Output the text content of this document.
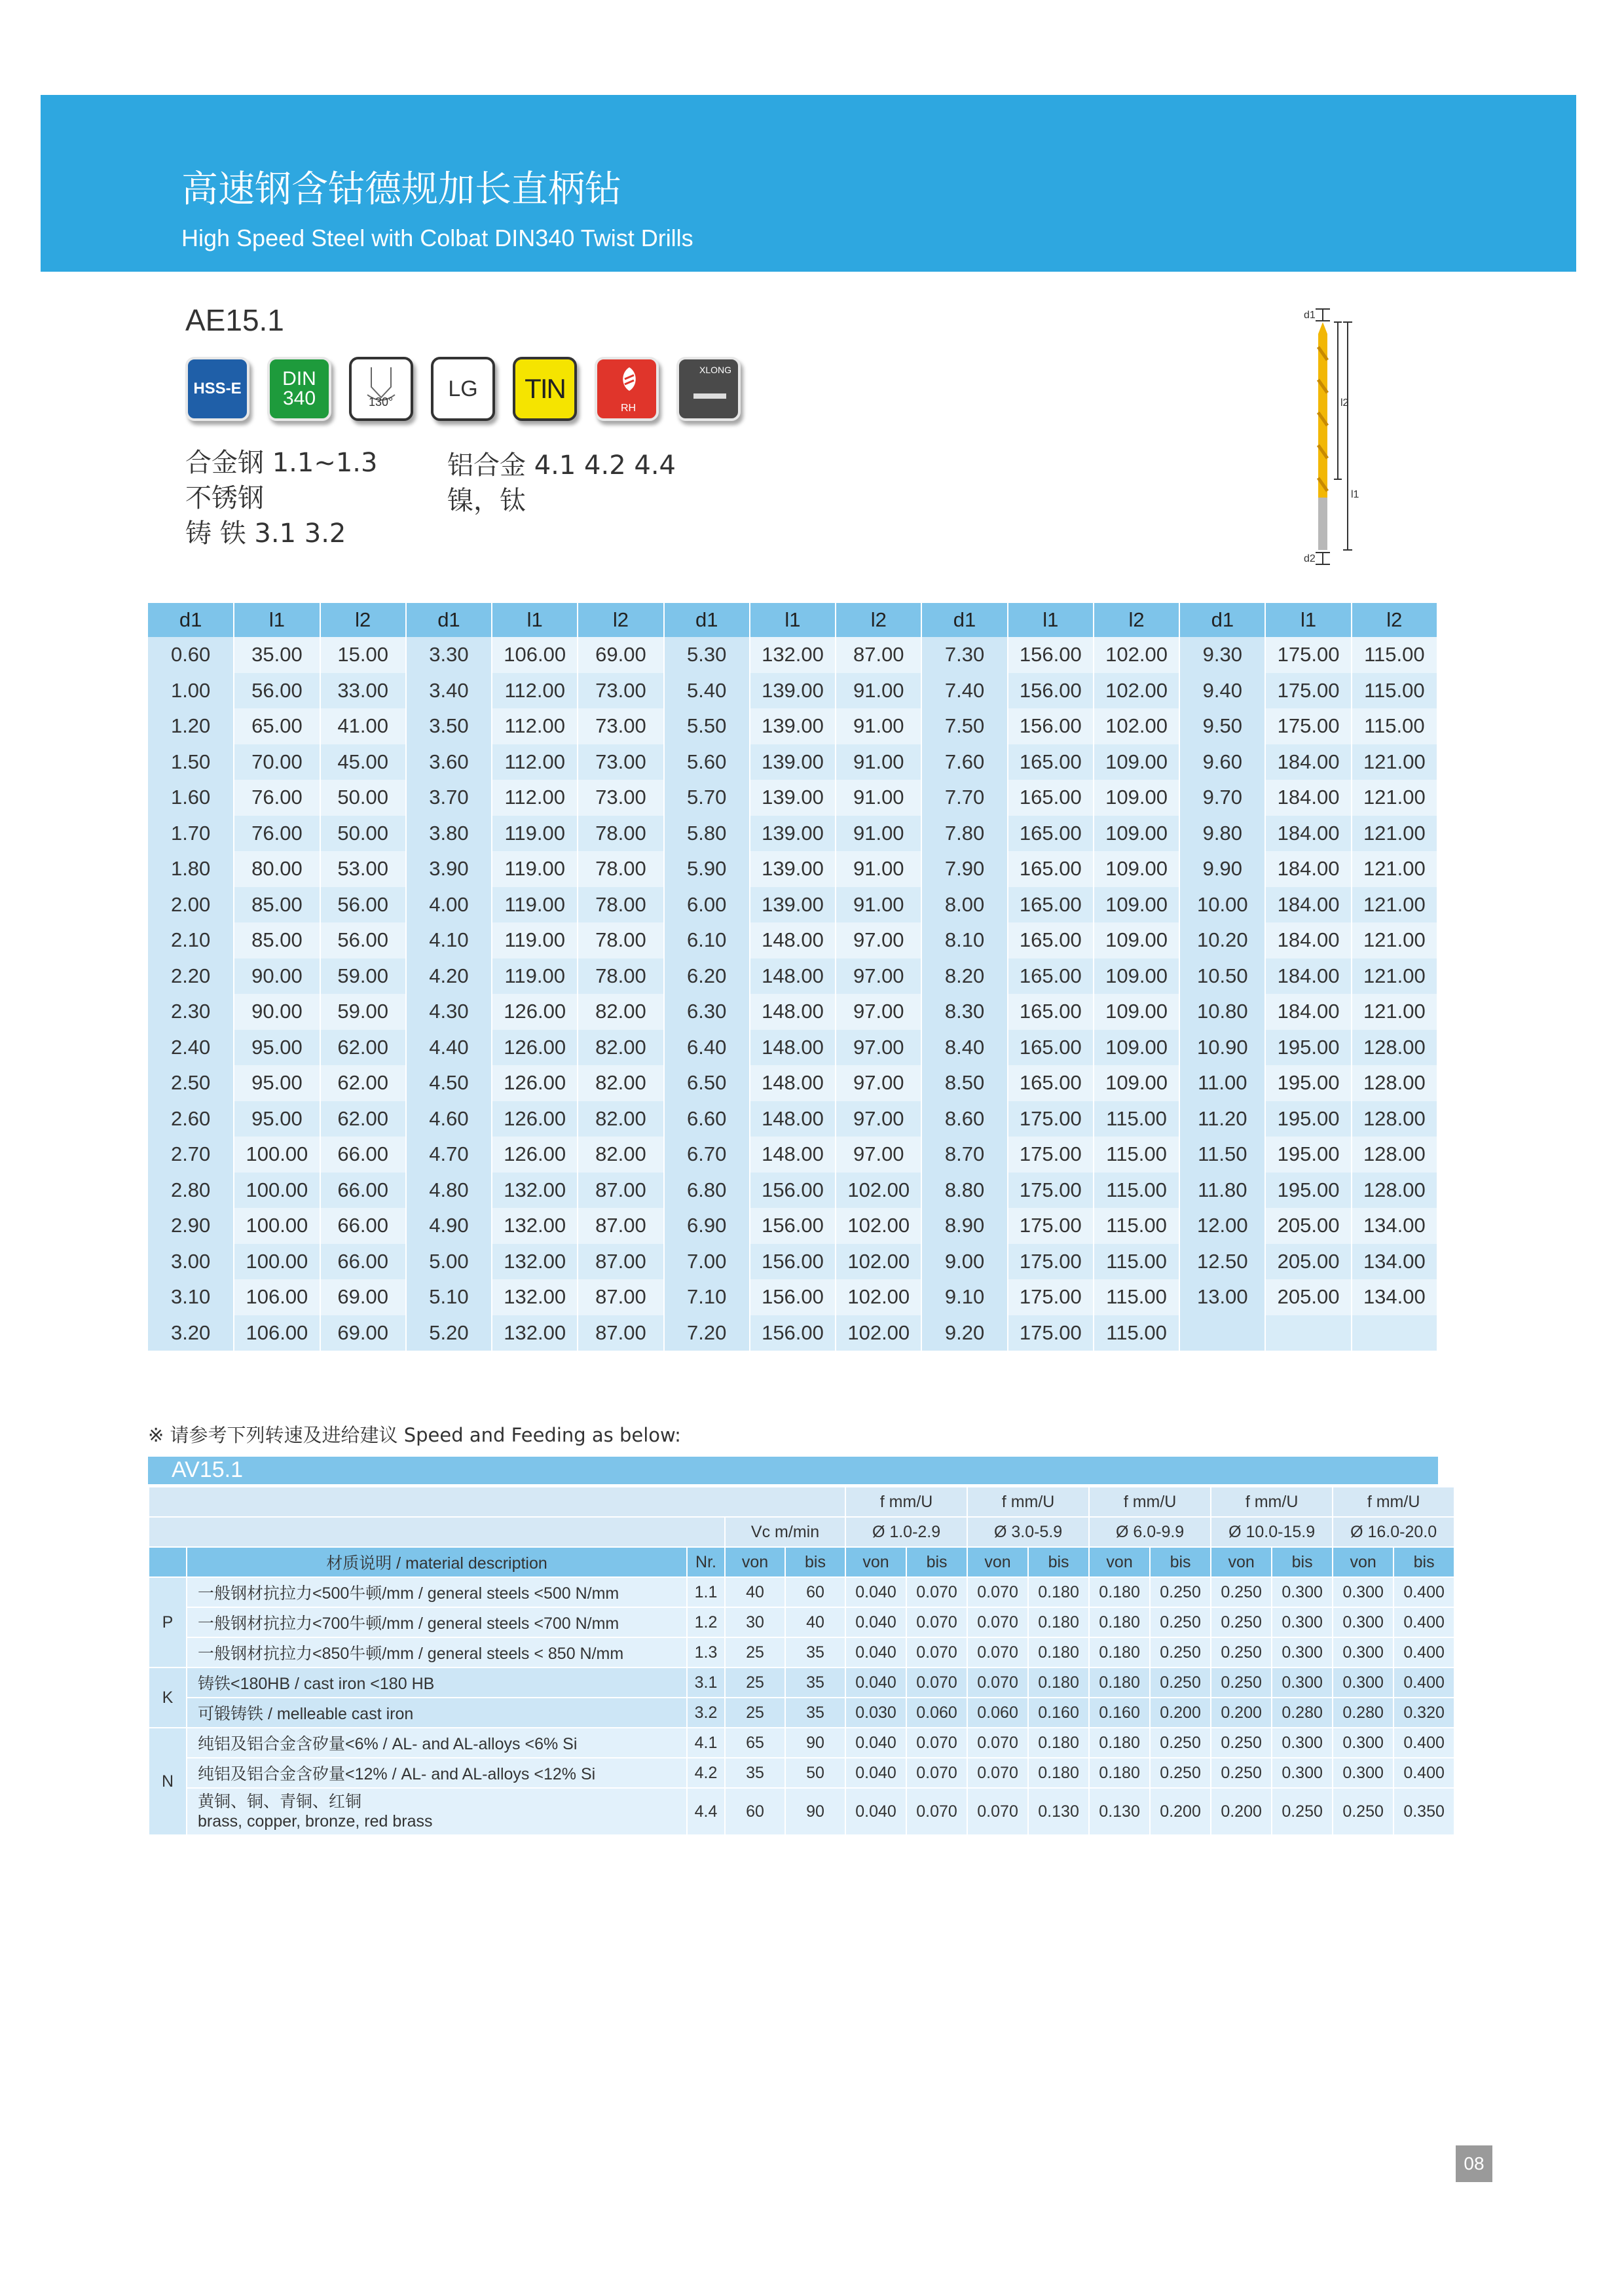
高速钢含钴德规加长直柄钻
High Speed Steel with Colbat DIN340 Twist Drills
AE15.1
HSS-E	DIN 340	130°
LG TIN
RH
XLONG
合金钢 1.1~1.3
不锈钢
铸 铁 3.1 3.2
铝合金 4.1 4.2 4.4
镍，钛
d1
l2
l1
d2
d1	l1	l2	d1	l1	l2	d1	l1	l2	d1	l1	l2	d1	l1	l2
0.60	35.00	15.00	3.30	106.00	69.00	5.30	132.00	87.00	7.30	156.00	102.00	9.30	175.00	115.00
1.00	56.00	33.00	3.40	112.00	73.00	5.40	139.00	91.00	7.40	156.00	102.00	9.40	175.00	115.00
1.20	65.00	41.00	3.50	112.00	73.00	5.50	139.00	91.00	7.50	156.00	102.00	9.50	175.00	115.00
1.50	70.00	45.00	3.60	112.00	73.00	5.60	139.00	91.00	7.60	165.00	109.00	9.60	184.00	121.00
1.60	76.00	50.00	3.70	112.00	73.00	5.70	139.00	91.00	7.70	165.00	109.00	9.70	184.00	121.00
1.70	76.00	50.00	3.80	119.00	78.00	5.80	139.00	91.00	7.80	165.00	109.00	9.80	184.00	121.00
1.80	80.00	53.00	3.90	119.00	78.00	5.90	139.00	91.00	7.90	165.00	109.00	9.90	184.00	121.00
2.00	85.00	56.00	4.00	119.00	78.00	6.00	139.00	91.00	8.00	165.00	109.00	10.00	184.00	121.00
2.10	85.00	56.00	4.10	119.00	78.00	6.10	148.00	97.00	8.10	165.00	109.00	10.20	184.00	121.00
2.20	90.00	59.00	4.20	119.00	78.00	6.20	148.00	97.00	8.20	165.00	109.00	10.50	184.00	121.00
2.30	90.00	59.00	4.30	126.00	82.00	6.30	148.00	97.00	8.30	165.00	109.00	10.80	184.00	121.00
2.40	95.00	62.00	4.40	126.00	82.00	6.40	148.00	97.00	8.40	165.00	109.00	10.90	195.00	128.00
2.50	95.00	62.00	4.50	126.00	82.00	6.50	148.00	97.00	8.50	165.00	109.00	11.00	195.00	128.00
2.60	95.00	62.00	4.60	126.00	82.00	6.60	148.00	97.00	8.60	175.00	115.00	11.20	195.00	128.00
2.70	100.00	66.00	4.70	126.00	82.00	6.70	148.00	97.00	8.70	175.00	115.00	11.50	195.00	128.00
2.80	100.00	66.00	4.80	132.00	87.00	6.80	156.00	102.00	8.80	175.00	115.00	11.80	195.00	128.00
2.90	100.00	66.00	4.90	132.00	87.00	6.90	156.00	102.00	8.90	175.00	115.00	12.00	205.00	134.00
3.00	100.00	66.00	5.00	132.00	87.00	7.00	156.00	102.00	9.00	175.00	115.00	12.50	205.00	134.00
3.10	106.00	69.00	5.10	132.00	87.00	7.10	156.00	102.00	9.10	175.00	115.00	13.00	205.00	134.00
3.20	106.00	69.00	5.20	132.00	87.00	7.20	156.00	102.00	9.20	175.00	115.00			
※ 请参考下列转速及进给建议 Speed and Feeding as below:
AV15.1
					f mm/U		f mm/U		f mm/U		f mm/U		f mm/U	
			Vc m/min		Ø 1.0-2.9		Ø 3.0-5.9		Ø 6.0-9.9		Ø 10.0-15.9		Ø 16.0-20.0	
	材质说明 / material description	Nr.	von	bis	von	bis	von	bis	von	bis	von	bis	von	bis
P	一般钢材抗拉力<500牛顿/mm / general steels <500 N/mm	1.1	40	60	0.040	0.070	0.070	0.180	0.180	0.250	0.250	0.300	0.300	0.400
	一般钢材抗拉力<700牛顿/mm / general steels <700 N/mm	1.2	30	40	0.040	0.070	0.070	0.180	0.180	0.250	0.250	0.300	0.300	0.400
	一般钢材抗拉力<850牛顿/mm / general steels < 850 N/mm	1.3	25	35	0.040	0.070	0.070	0.180	0.180	0.250	0.250	0.300	0.300	0.400
K	铸铁<180HB / cast iron <180 HB	3.1	25	35	0.040	0.070	0.070	0.180	0.180	0.250	0.250	0.300	0.300	0.400
	可锻铸铁 / melleable cast iron	3.2	25	35	0.030	0.060	0.060	0.160	0.160	0.200	0.200	0.280	0.280	0.320
N	纯铝及铝合金含矽量<6% / AL- and AL-alloys <6% Si	4.1	65	90	0.040	0.070	0.070	0.180	0.180	0.250	0.250	0.300	0.300	0.400
	纯铝及铝合金含矽量<12% / AL- and AL-alloys <12% Si	4.2	35	50	0.040	0.070	0.070	0.180	0.180	0.250	0.250	0.300	0.300	0.400
	黄铜、铜、青铜、红铜
brass, copper, bronze, red brass	4.4	60	90	0.040	0.070	0.070	0.130	0.130	0.200	0.200	0.250	0.250	0.350
08
